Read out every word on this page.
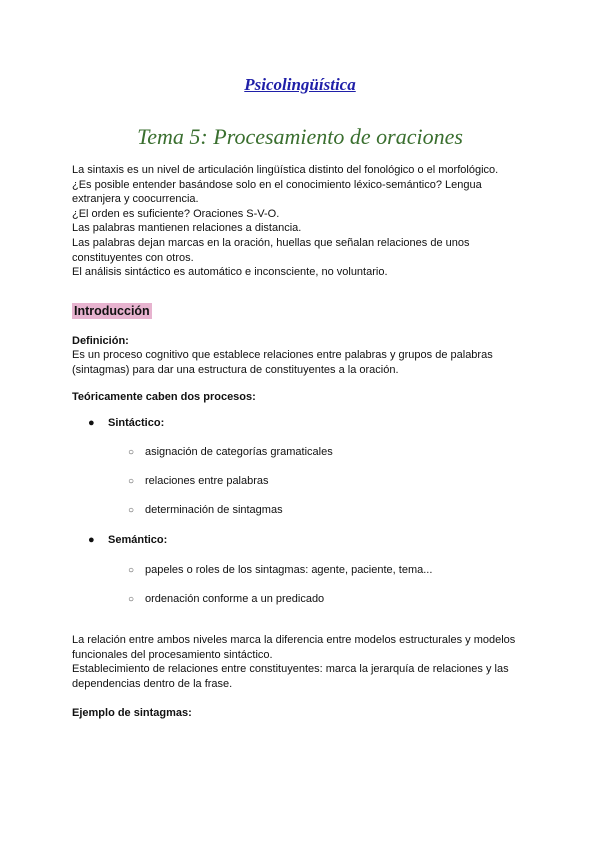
Psicolingüística
Tema 5: Procesamiento de oraciones

La sintaxis es un nivel de articulación lingüística distinto del fonológico o el morfológico.

¿Es posible entender basándose solo en el conocimiento léxico-semántico? Lengua extranjera y coocurrencia.

¿El orden es suficiente? Oraciones S-V-O.

Las palabras mantienen relaciones a distancia.

Las palabras dejan marcas en la oración, huellas que señalan relaciones de unos constituyentes con otros.

El análisis sintáctico es automático e inconsciente, no voluntario.

Introducción

Definición:

Es un proceso cognitivo que establece relaciones entre palabras y grupos de palabras (sintagmas) para dar una estructura de constituyentes a la oración.

Teóricamente caben dos procesos:

● Sintáctico:

○ asignación de categorías gramaticales

○ relaciones entre palabras

○ determinación de sintagmas

● Semántico:

○ papeles o roles de los sintagmas: agente, paciente, tema...

○ ordenación conforme a un predicado

La relación entre ambos niveles marca la diferencia entre modelos estructurales y modelos funcionales del procesamiento sintáctico.

Establecimiento de relaciones entre constituyentes: marca la jerarquía de relaciones y las dependencias dentro de la frase.

Ejemplo de sintagmas:
